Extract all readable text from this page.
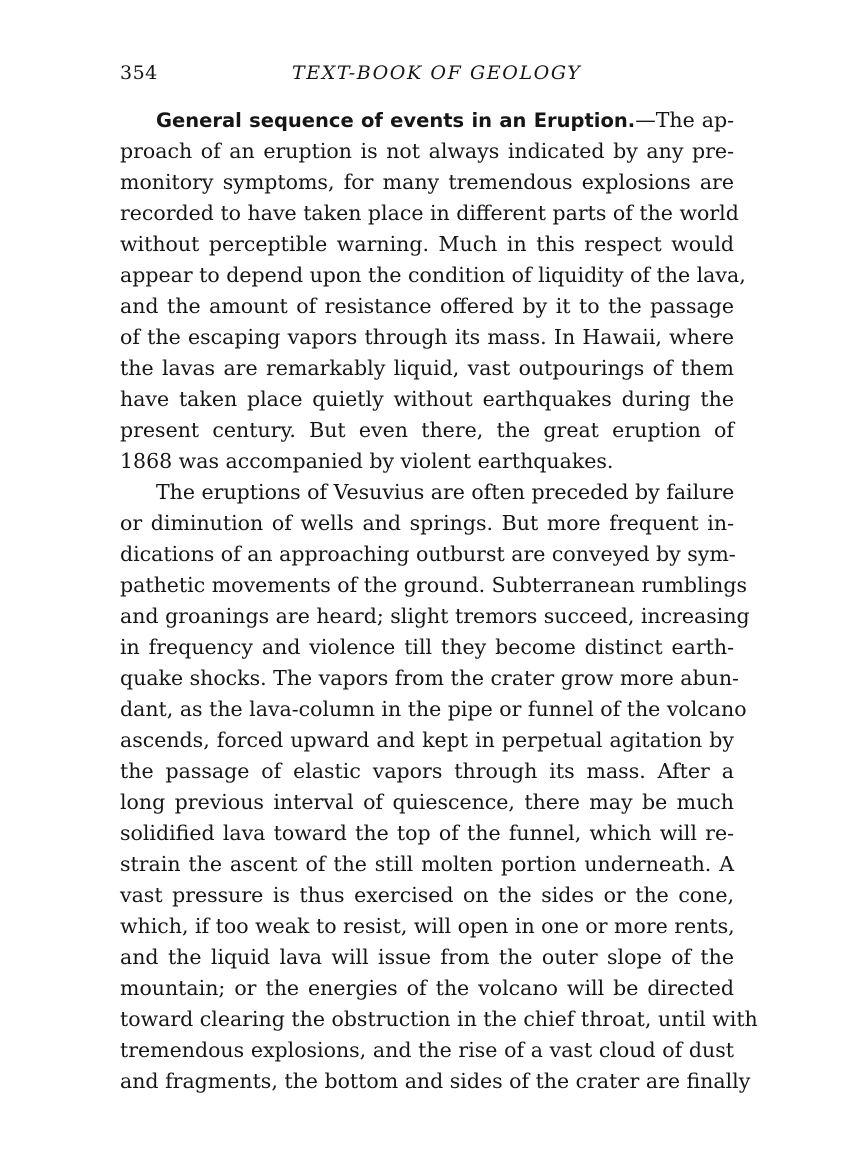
354	TEXT-BOOK OF GEOLOGY
General sequence of events in an Eruption.—The ap-
proach of an eruption is not always indicated by any pre-
monitory symptoms, for many tremendous explosions are
recorded to have taken place in different parts of the world
without perceptible warning. Much in this respect would
appear to depend upon the condition of liquidity of the lava,
and the amount of resistance offered by it to the passage
of the escaping vapors through its mass. In Hawaii, where
the lavas are remarkably liquid, vast outpourings of them
have taken place quietly without earthquakes during the
present century. But even there, the great eruption of
1868 was accompanied by violent earthquakes.
The eruptions of Vesuvius are often preceded by failure
or diminution of wells and springs. But more frequent in-
dications of an approaching outburst are conveyed by sym-
pathetic movements of the ground. Subterranean rumblings
and groanings are heard; slight tremors succeed, increasing
in frequency and violence till they become distinct earth-
quake shocks. The vapors from the crater grow more abun-
dant, as the lava-column in the pipe or funnel of the volcano
ascends, forced upward and kept in perpetual agitation by
the passage of elastic vapors through its mass. After a
long previous interval of quiescence, there may be much
solidified lava toward the top of the funnel, which will re-
strain the ascent of the still molten portion underneath. A
vast pressure is thus exercised on the sides or the cone,
which, if too weak to resist, will open in one or more rents,
and the liquid lava will issue from the outer slope of the
mountain; or the energies of the volcano will be directed
toward clearing the obstruction in the chief throat, until with
tremendous explosions, and the rise of a vast cloud of dust
and fragments, the bottom and sides of the crater are finally
